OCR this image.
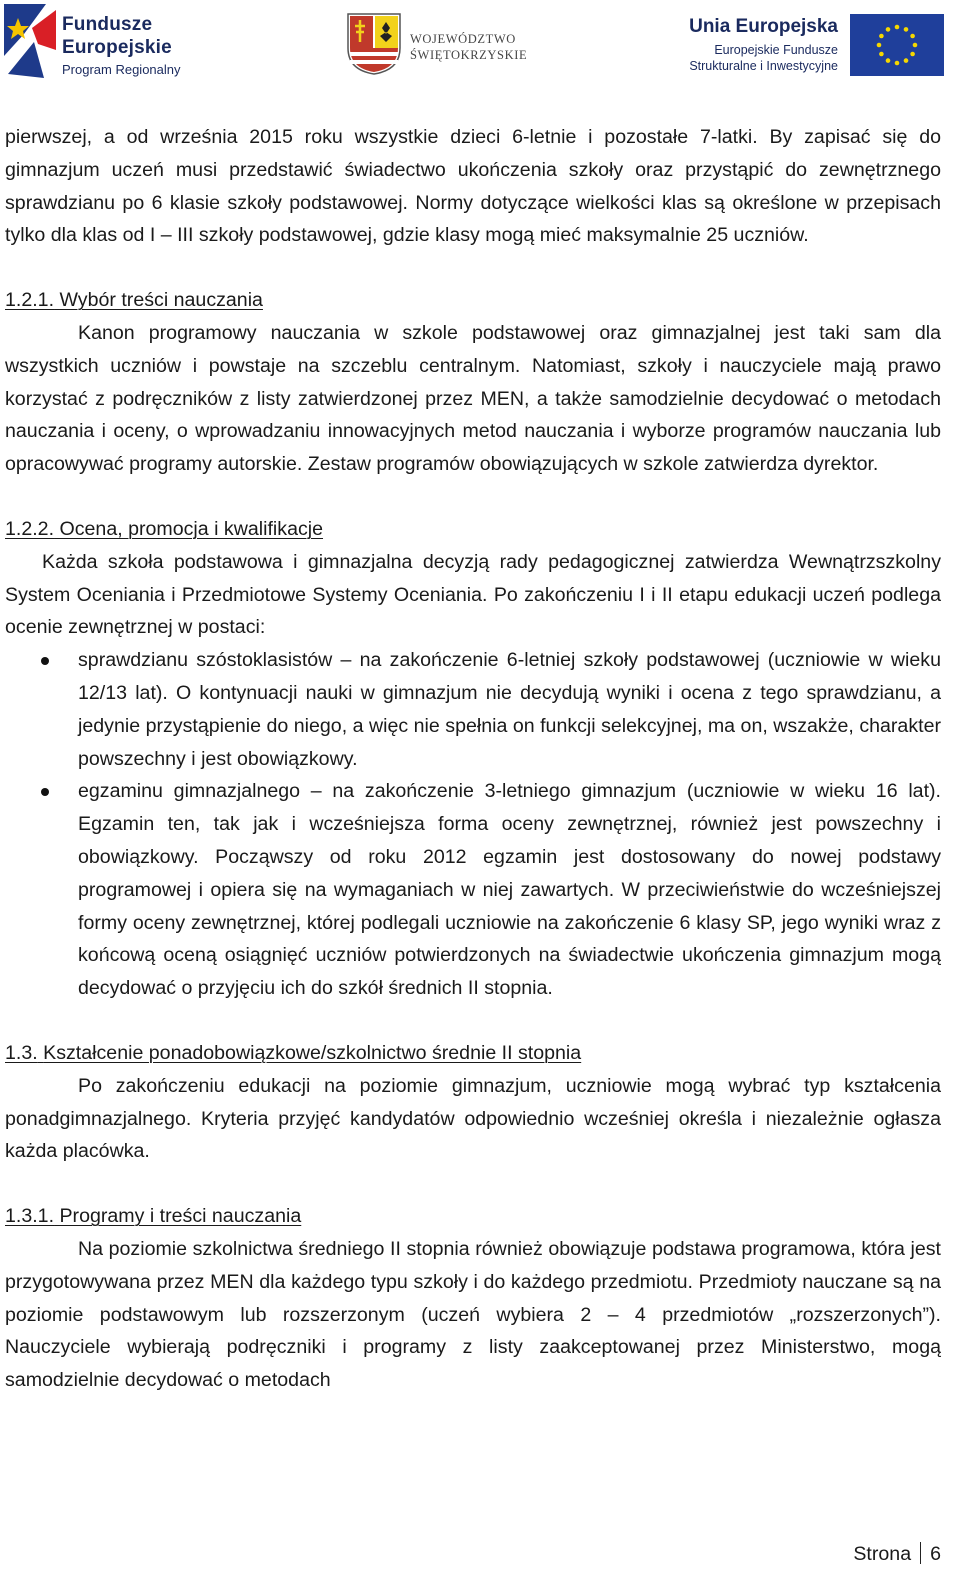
Fundusze
Europejskie
Program Regionalny
WOJEWÓDZTWO
ŚWIĘTOKRZYSKIE
Unia Europejska
Europejskie Fundusze
Strukturalne i Inwestycyjne

pierwszej, a od września 2015 roku wszystkie dzieci 6-letnie i pozostałe 7-latki. By zapisać się do gimnazjum uczeń musi przedstawić świadectwo ukończenia szkoły oraz przystąpić do zewnętrznego sprawdzianu po 6 klasie szkoły podstawowej. Normy dotyczące wielkości klas są określone w przepisach tylko dla klas od I – III szkoły podstawowej, gdzie klasy mogą mieć maksymalnie 25 uczniów.

1.2.1. Wybór treści nauczania

Kanon programowy nauczania w szkole podstawowej oraz gimnazjalnej jest taki sam dla wszystkich uczniów i powstaje na szczeblu centralnym. Natomiast, szkoły i nauczyciele mają prawo korzystać z podręczników z listy zatwierdzonej przez MEN, a także samodzielnie decydować o metodach nauczania i oceny, o wprowadzaniu innowacyjnych metod nauczania i wyborze programów nauczania lub opracowywać programy autorskie. Zestaw programów obowiązujących w szkole zatwierdza dyrektor.

1.2.2. Ocena, promocja i kwalifikacje

Każda szkoła podstawowa i gimnazjalna decyzją rady pedagogicznej zatwierdza Wewnątrzszkolny System Oceniania i Przedmiotowe Systemy Oceniania. Po zakończeniu I i II etapu edukacji uczeń podlega ocenie zewnętrznej w postaci:

sprawdzianu szóstoklasistów – na zakończenie 6-letniej szkoły podstawowej (uczniowie w wieku 12/13 lat). O kontynuacji nauki w gimnazjum nie decydują wyniki i ocena z tego sprawdzianu, a jedynie przystąpienie do niego, a więc nie spełnia on funkcji selekcyjnej, ma on, wszakże, charakter powszechny i jest obowiązkowy.
egzaminu gimnazjalnego – na zakończenie 3-letniego gimnazjum (uczniowie w wieku 16 lat). Egzamin ten, tak jak i wcześniejsza forma oceny zewnętrznej, również jest powszechny i obowiązkowy. Począwszy od roku 2012 egzamin jest dostosowany do nowej podstawy programowej i opiera się na wymaganiach w niej zawartych. W przeciwieństwie do wcześniejszej formy oceny zewnętrznej, której podlegali uczniowie na zakończenie 6 klasy SP, jego wyniki wraz z końcową oceną osiągnięć uczniów potwierdzonych na świadectwie ukończenia gimnazjum mogą decydować o przyjęciu ich do szkół średnich II stopnia.

1.3. Kształcenie ponadobowiązkowe/szkolnictwo średnie II stopnia

Po zakończeniu edukacji na poziomie gimnazjum, uczniowie mogą wybrać typ kształcenia ponadgimnazjalnego. Kryteria przyjęć kandydatów odpowiednio wcześniej określa i niezależnie ogłasza każda placówka.

1.3.1. Programy i treści nauczania

Na poziomie szkolnictwa średniego II stopnia również obowiązuje podstawa programowa, która jest przygotowywana przez MEN dla każdego typu szkoły i do każdego przedmiotu. Przedmioty nauczane są na poziomie podstawowym lub rozszerzonym (uczeń wybiera 2 – 4 przedmiotów „rozszerzonych”). Nauczyciele wybierają podręczniki i programy z listy zaakceptowanej przez Ministerstwo, mogą samodzielnie decydować o metodach

Strona 6
